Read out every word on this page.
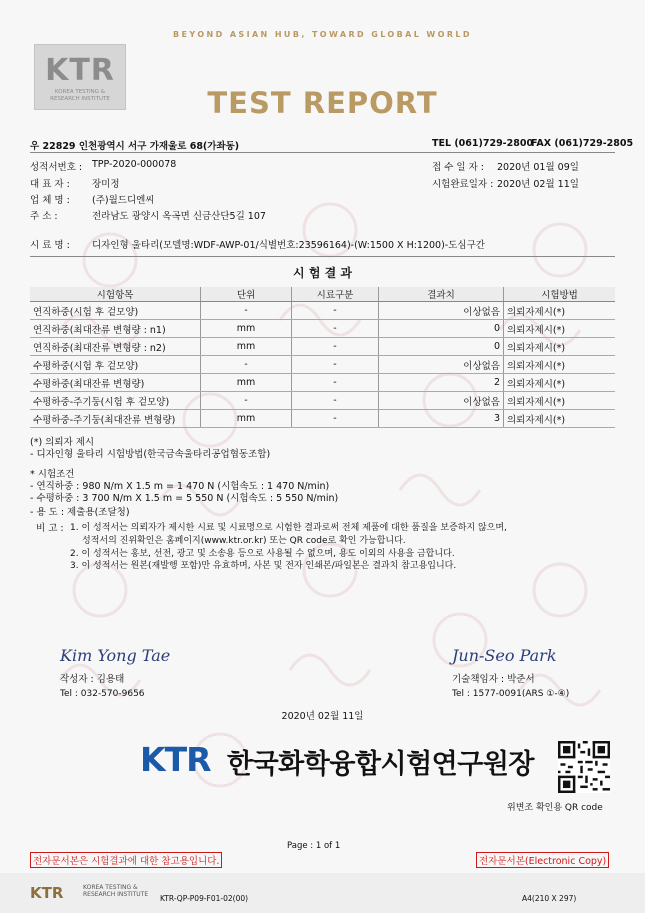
BEYOND ASIAN HUB, TOWARD GLOBAL WORLD
KTR
KOREA TESTING &
RESEARCH INSTITUTE	TEST REPORT
우 22829 인천광역시 서구 가재울로 68(가좌동)	TEL (061)729-2800
FAX (061)729-2805
성적서번호 : TPP-2020-000078
대 표 자 : 장미정
업 체 명 : (주)월드디엔씨
주 소 :	전라남도 광양시 옥곡면 신금산단5길 107
접 수 일 자 : 2020년 01월 09일
시험완료일자 : 2020년 02월 11일
시 료 명 : 디자인형 울타리(모델명:WDF-AWP-01/식별번호:23596164)-(W:1500 X H:1200)-도심구간
시 험 결 과
시험항목	단위	시료구분	결과치	시험방법
연직하중(시험 후 겉모양)	-	-	이상없음	의뢰자제시(*)
연직하중(최대잔류 변형량 : n1)	mm	-	0	의뢰자제시(*)
연직하중(최대잔류 변형량 : n2)	mm	-	0	의뢰자제시(*)
수평하중(시험 후 겉모양)	-	-	이상없음	의뢰자제시(*)
수평하중(최대잔류 변형량)	mm	-	2	의뢰자제시(*)
수평하중-주기둥(시험 후 겉모양)	-	-	이상없음	의뢰자제시(*)
수평하중-주기둥(최대잔류 변형량)	mm	-	3	의뢰자제시(*)
(*) 의뢰자 제시
- 디자인형 울타리 시험방법(한국금속울타리공업협동조합)
* 시험조건
- 연직하중 : 980 N/m X 1.5 m = 1 470 N (시험속도 : 1 470 N/min)
- 수평하중 : 3 700 N/m X 1.5 m = 5 550 N (시험속도 : 5 550 N/min)
- 용 도 : 제출용(조달청)
비 고 : 1. 이 성적서는 의뢰자가 제시한 시료 및 시료명으로 시험한 결과로써 전체 제품에 대한 품질을 보증하지 않으며,
성적서의 진위확인은 홈페이지(www.ktr.or.kr) 또는 QR code로 확인 가능합니다.
2. 이 성적서는 홍보, 선전, 광고 및 소송용 등으로 사용될 수 없으며, 용도 이외의 사용을 금합니다.
3. 이 성적서는 원본(재발행 포함)만 유효하며, 사본 및 전자 인쇄본/파일본은 결과치 참고용입니다.
Kim Yong Tae
작성자 : 김용태
Tel : 032-570-9656
Jun-Seo Park
기술책임자 : 박준서
Tel : 1577-0091(ARS ①-④)
2020년 02월 11일
KTR 한국화학융합시험연구원장
위변조 확인용 QR code
Page : 1 of 1
전자문서본은 시험결과에 대한 참고용입니다.	전자문서본(Electronic Copy)
KTR	KOREA TESTING &
RESEARCH INSTITUTE KTR-QP-P09-F01-02(00)	A4(210 X 297)
